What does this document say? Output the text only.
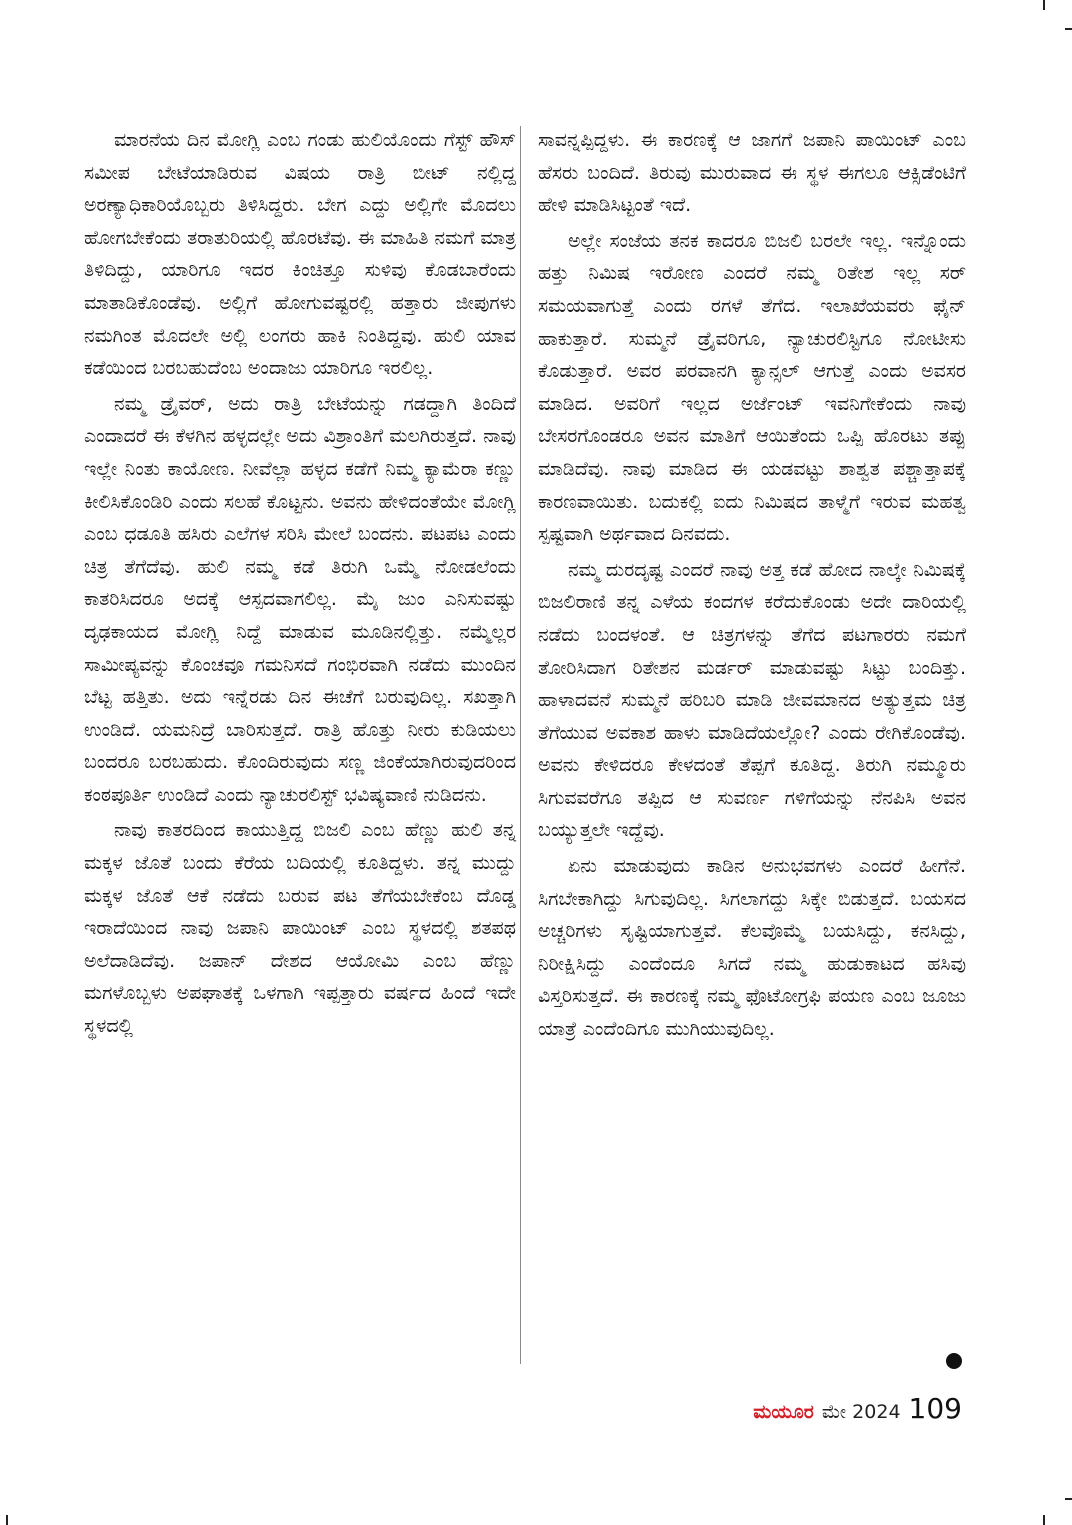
ಮಾರನೆಯ ದಿನ ಮೋಗ್ಲಿ ಎಂಬ ಗಂಡು ಹುಲಿಯೊಂದು ಗೆಸ್ಟ್ ಹೌಸ್ ಸಮೀಪ ಬೇಟೆಯಾಡಿರುವ ವಿಷಯ ರಾತ್ರಿ ಬೀಟ್ ನಲ್ಲಿದ್ದ ಅರಣ್ಯಾಧಿಕಾರಿಯೊಬ್ಬರು ತಿಳಿಸಿದ್ದರು. ಬೇಗ ಎದ್ದು ಅಲ್ಲಿಗೇ ಮೊದಲು ಹೋಗಬೇಕೆಂದು ತರಾತುರಿಯಲ್ಲಿ ಹೊರಟೆವು. ಈ ಮಾಹಿತಿ ನಮಗೆ ಮಾತ್ರ ತಿಳಿದಿದ್ದು, ಯಾರಿಗೂ ಇದರ ಕಿಂಚಿತ್ತೂ ಸುಳಿವು ಕೊಡಬಾರೆಂದು ಮಾತಾಡಿಕೊಂಡೆವು. ಅಲ್ಲಿಗೆ ಹೋಗುವಷ್ಟರಲ್ಲಿ ಹತ್ತಾರು ಜೀಪುಗಳು ನಮಗಿಂತ ಮೊದಲೇ ಅಲ್ಲಿ ಲಂಗರು ಹಾಕಿ ನಿಂತಿದ್ದವು. ಹುಲಿ ಯಾವ ಕಡೆಯಿಂದ ಬರಬಹುದೆಂಬ ಅಂದಾಜು ಯಾರಿಗೂ ಇರಲಿಲ್ಲ.

ನಮ್ಮ ಡ್ರೈವರ್, ಅದು ರಾತ್ರಿ ಬೇಟೆಯನ್ನು ಗಡದ್ದಾಗಿ ತಿಂದಿದೆ ಎಂದಾದರೆ ಈ ಕೆಳಗಿನ ಹಳ್ಳದಲ್ಲೇ ಅದು ವಿಶ್ರಾಂತಿಗೆ ಮಲಗಿರುತ್ತದೆ. ನಾವು ಇಲ್ಲೇ ನಿಂತು ಕಾಯೋಣ. ನೀವೆಲ್ಲಾ ಹಳ್ಳದ ಕಡೆಗೆ ನಿಮ್ಮ ಕ್ಯಾಮೆರಾ ಕಣ್ಣು ಕೀಲಿಸಿಕೊಂಡಿರಿ ಎಂದು ಸಲಹೆ ಕೊಟ್ಟನು. ಅವನು ಹೇಳಿದಂತೆಯೇ ಮೋಗ್ಲಿ ಎಂಬ ಧಡೂತಿ ಹಸಿರು ಎಲೆಗಳ ಸರಿಸಿ ಮೇಲೆ ಬಂದನು. ಪಟಪಟ ಎಂದು ಚಿತ್ರ ತೆಗೆದೆವು. ಹುಲಿ ನಮ್ಮ ಕಡೆ ತಿರುಗಿ ಒಮ್ಮೆ ನೋಡಲೆಂದು ಕಾತರಿಸಿದರೂ ಅದಕ್ಕೆ ಆಸ್ಪದವಾಗಲಿಲ್ಲ. ಮೈ ಜುಂ ಎನಿಸುವಷ್ಟು ದೃಢಕಾಯದ ಮೋಗ್ಲಿ ನಿದ್ದೆ ಮಾಡುವ ಮೂಡಿನಲ್ಲಿತ್ತು. ನಮ್ಮೆಲ್ಲರ ಸಾಮೀಪ್ಯವನ್ನು ಕೊಂಚವೂ ಗಮನಿಸದೆ ಗಂಭಿರವಾಗಿ ನಡೆದು ಮುಂದಿನ ಬೆಟ್ಟ ಹತ್ತಿತು. ಅದು ಇನ್ನೆರಡು ದಿನ ಈಚೆಗೆ ಬರುವುದಿಲ್ಲ. ಸಖತ್ತಾಗಿ ಉಂಡಿದೆ. ಯಮನಿದ್ರೆ ಬಾರಿಸುತ್ತದೆ. ರಾತ್ರಿ ಹೊತ್ತು ನೀರು ಕುಡಿಯಲು ಬಂದರೂ ಬರಬಹುದು. ಕೊಂದಿರುವುದು ಸಣ್ಣ ಜಿಂಕೆಯಾಗಿರುವುದರಿಂದ ಕಂಠಪೂರ್ತಿ ಉಂಡಿದೆ ಎಂದು ನ್ಯಾಚುರಲಿಸ್ಟ್ ಭವಿಷ್ಯವಾಣಿ ನುಡಿದನು.

ನಾವು ಕಾತರದಿಂದ ಕಾಯುತ್ತಿದ್ದ ಬಿಜಲಿ ಎಂಬ ಹೆಣ್ಣು ಹುಲಿ ತನ್ನ ಮಕ್ಕಳ ಜೊತೆ ಬಂದು ಕೆರೆಯ ಬದಿಯಲ್ಲಿ ಕೂತಿದ್ದಳು. ತನ್ನ ಮುದ್ದು ಮಕ್ಕಳ ಜೊತೆ ಆಕೆ ನಡೆದು ಬರುವ ಪಟ ತೆಗೆಯಬೇಕೆಂಬ ದೊಡ್ಡ ಇರಾದೆಯಿಂದ ನಾವು ಜಪಾನಿ ಪಾಯಿಂಟ್ ಎಂಬ ಸ್ಥಳದಲ್ಲಿ ಶತಪಥ ಅಲೆದಾಡಿದೆವು. ಜಪಾನ್ ದೇಶದ ಆಯೋಮಿ ಎಂಬ ಹೆಣ್ಣು ಮಗಳೊಬ್ಬಳು ಅಪಘಾತಕ್ಕೆ ಒಳಗಾಗಿ ಇಪ್ಪತ್ತಾರು ವರ್ಷದ ಹಿಂದೆ ಇದೇ ಸ್ಥಳದಲ್ಲಿ

ಸಾವನ್ನಪ್ಪಿದ್ದಳು. ಈ ಕಾರಣಕ್ಕೆ ಆ ಜಾಗಗೆ ಜಪಾನಿ ಪಾಯಿಂಟ್ ಎಂಬ ಹೆಸರು ಬಂದಿದೆ. ತಿರುವು ಮುರುವಾದ ಈ ಸ್ಥಳ ಈಗಲೂ ಆಕ್ಸಿಡೆಂಟಿಗೆ ಹೇಳಿ ಮಾಡಿಸಿಟ್ಟಂತೆ ಇದೆ.

ಅಲ್ಲೇ ಸಂಜೆಯ ತನಕ ಕಾದರೂ ಬಿಜಲಿ ಬರಲೇ ಇಲ್ಲ. ಇನ್ನೊಂದು ಹತ್ತು ನಿಮಿಷ ಇರೋಣ ಎಂದರೆ ನಮ್ಮ ರಿತೇಶ ಇಲ್ಲ ಸರ್ ಸಮಯವಾಗುತ್ತೆ ಎಂದು ರಗಳೆ ತೆಗೆದ. ಇಲಾಖೆಯವರು ಫೈನ್ ಹಾಕುತ್ತಾರೆ. ಸುಮ್ಮನೆ ಡ್ರೈವರಿಗೂ, ನ್ಯಾಚುರಲಿಸ್ಟಿಗೂ ನೋಟೀಸು ಕೊಡುತ್ತಾರೆ. ಅವರ ಪರವಾನಗಿ ಕ್ಯಾನ್ಸಲ್ ಆಗುತ್ತೆ ಎಂದು ಅವಸರ ಮಾಡಿದ. ಅವರಿಗೆ ಇಲ್ಲದ ಅರ್ಜೆಂಟ್ ಇವನಿಗೇಕೆಂದು ನಾವು ಬೇಸರಗೊಂಡರೂ ಅವನ ಮಾತಿಗೆ ಆಯಿತೆಂದು ಒಪ್ಪಿ ಹೊರಟು ತಪ್ಪು ಮಾಡಿದೆವು. ನಾವು ಮಾಡಿದ ಈ ಯಡವಟ್ಟು ಶಾಶ್ವತ ಪಶ್ಚಾತ್ತಾಪಕ್ಕೆ ಕಾರಣವಾಯಿತು. ಬದುಕಲ್ಲಿ ಐದು ನಿಮಿಷದ ತಾಳ್ಮೆಗೆ ಇರುವ ಮಹತ್ವ ಸ್ಪಷ್ಟವಾಗಿ ಅರ್ಥವಾದ ದಿನವದು.

ನಮ್ಮ ದುರದೃಷ್ಟ ಎಂದರೆ ನಾವು ಅತ್ತ ಕಡೆ ಹೋದ ನಾಲ್ಕೇ ನಿಮಿಷಕ್ಕೆ ಬಿಜಲಿರಾಣಿ ತನ್ನ ಎಳೆಯ ಕಂದಗಳ ಕರೆದುಕೊಂಡು ಅದೇ ದಾರಿಯಲ್ಲಿ ನಡೆದು ಬಂದಳಂತೆ. ಆ ಚಿತ್ರಗಳನ್ನು ತೆಗೆದ ಪಟಗಾರರು ನಮಗೆ ತೋರಿಸಿದಾಗ ರಿತೇಶನ ಮರ್ಡರ್ ಮಾಡುವಷ್ಟು ಸಿಟ್ಟು ಬಂದಿತ್ತು. ಹಾಳಾದವನೆ ಸುಮ್ಮನೆ ಹರಿಬರಿ ಮಾಡಿ ಜೀವಮಾನದ ಅತ್ಯುತ್ತಮ ಚಿತ್ರ ತೆಗೆಯುವ ಅವಕಾಶ ಹಾಳು ಮಾಡಿದೆಯಲ್ಲೋ? ಎಂದು ರೇಗಿಕೊಂಡೆವು. ಅವನು ಕೇಳಿದರೂ ಕೇಳದಂತೆ ತೆಪ್ಪಗೆ ಕೂತಿದ್ದ. ತಿರುಗಿ ನಮ್ಮೂರು ಸಿಗುವವರೆಗೂ ತಪ್ಪಿದ ಆ ಸುವರ್ಣ ಗಳಿಗೆಯನ್ನು ನೆನಪಿಸಿ ಅವನ ಬಯ್ಯುತ್ತಲೇ ಇದ್ದೆವು.

ಏನು ಮಾಡುವುದು ಕಾಡಿನ ಅನುಭವಗಳು ಎಂದರೆ ಹೀಗೆನೆ. ಸಿಗಬೇಕಾಗಿದ್ದು ಸಿಗುವುದಿಲ್ಲ. ಸಿಗಲಾಗದ್ದು ಸಿಕ್ಕೇ ಬಿಡುತ್ತದೆ. ಬಯಸದ ಅಚ್ಚರಿಗಳು ಸೃಷ್ಟಿಯಾಗುತ್ತವೆ. ಕೆಲವೊಮ್ಮೆ ಬಯಸಿದ್ದು, ಕನಸಿದ್ದು, ನಿರೀಕ್ಷಿಸಿದ್ದು ಎಂದೆಂದೂ ಸಿಗದೆ ನಮ್ಮ ಹುಡುಕಾಟದ ಹಸಿವು ವಿಸ್ತರಿಸುತ್ತದೆ. ಈ ಕಾರಣಕ್ಕೆ ನಮ್ಮ ಫೊಟೋಗ್ರಫಿ ಪಯಣ ಎಂಬ ಜೂಜು ಯಾತ್ರೆ ಎಂದೆಂದಿಗೂ ಮುಗಿಯುವುದಿಲ್ಲ.

ಮಯೂರ ಮೇ 2024 109
